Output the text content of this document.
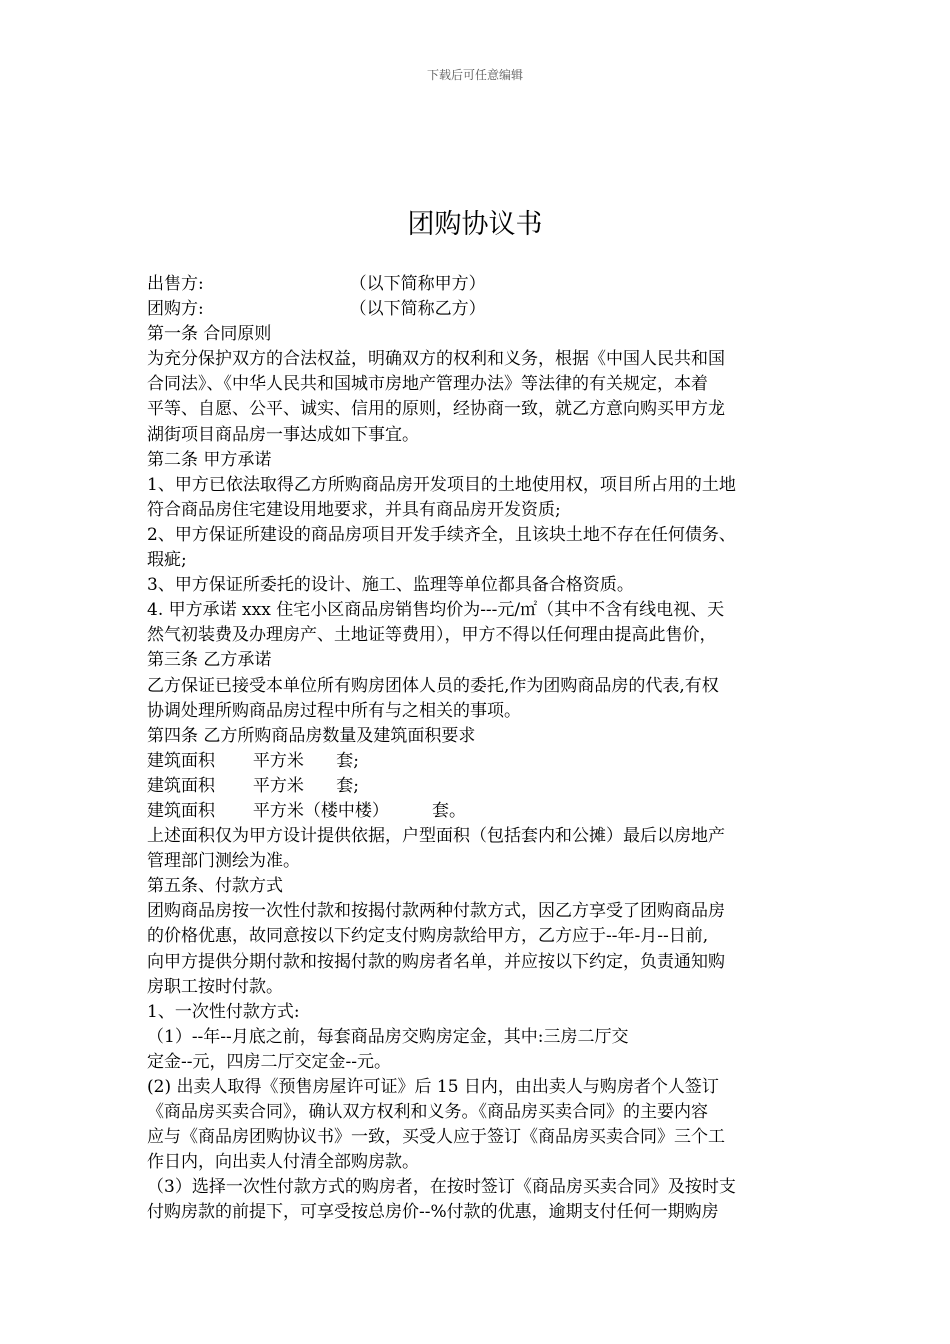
下载后可任意编辑
团购协议书
出售方:                           （以下简称甲方）
团购方:                           （以下简称乙方）
第一条 合同原则
为充分保护双方的合法权益，明确双方的权利和义务，根据《中国人民共和国
合同法》、《中华人民共和国城市房地产管理办法》等法律的有关规定，本着
平等、自愿、公平、诚实、信用的原则，经协商一致，就乙方意向购买甲方龙
湖街项目商品房一事达成如下事宜。
第二条 甲方承诺
1、甲方已依法取得乙方所购商品房开发项目的土地使用权，项目所占用的土地
符合商品房住宅建设用地要求，并具有商品房开发资质;
2、甲方保证所建设的商品房项目开发手续齐全，且该块土地不存在任何债务、
瑕疵;
3、甲方保证所委托的设计、施工、监理等单位都具备合格资质。
4. 甲方承诺 xxx 住宅小区商品房销售均价为---元/㎡（其中不含有线电视、天
然气初装费及办理房产、土地证等费用），甲方不得以任何理由提高此售价，
第三条 乙方承诺
乙方保证已接受本单位所有购房团体人员的委托,作为团购商品房的代表,有权
协调处理所购商品房过程中所有与之相关的事项。
第四条 乙方所购商品房数量及建筑面积要求
建筑面积       平方米      套;
建筑面积       平方米      套;
建筑面积       平方米（楼中楼）        套。
上述面积仅为甲方设计提供依据，户型面积（包括套内和公摊）最后以房地产
管理部门测绘为准。
第五条、付款方式
团购商品房按一次性付款和按揭付款两种付款方式，因乙方享受了团购商品房
的价格优惠，故同意按以下约定支付购房款给甲方，乙方应于--年-月--日前,
向甲方提供分期付款和按揭付款的购房者名单，并应按以下约定，负责通知购
房职工按时付款。
1、一次性付款方式:
（1）--年--月底之前，每套商品房交购房定金，其中:三房二厅交
定金--元，四房二厅交定金--元。
(2) 出卖人取得《预售房屋许可证》后 15 日内，由出卖人与购房者个人签订
《商品房买卖合同》，确认双方权利和义务。《商品房买卖合同》的主要内容
应与《商品房团购协议书》一致，买受人应于签订《商品房买卖合同》三个工
作日内，向出卖人付清全部购房款。
（3）选择一次性付款方式的购房者，在按时签订《商品房买卖合同》及按时支
付购房款的前提下，可享受按总房价--%付款的优惠，逾期支付任何一期购房
